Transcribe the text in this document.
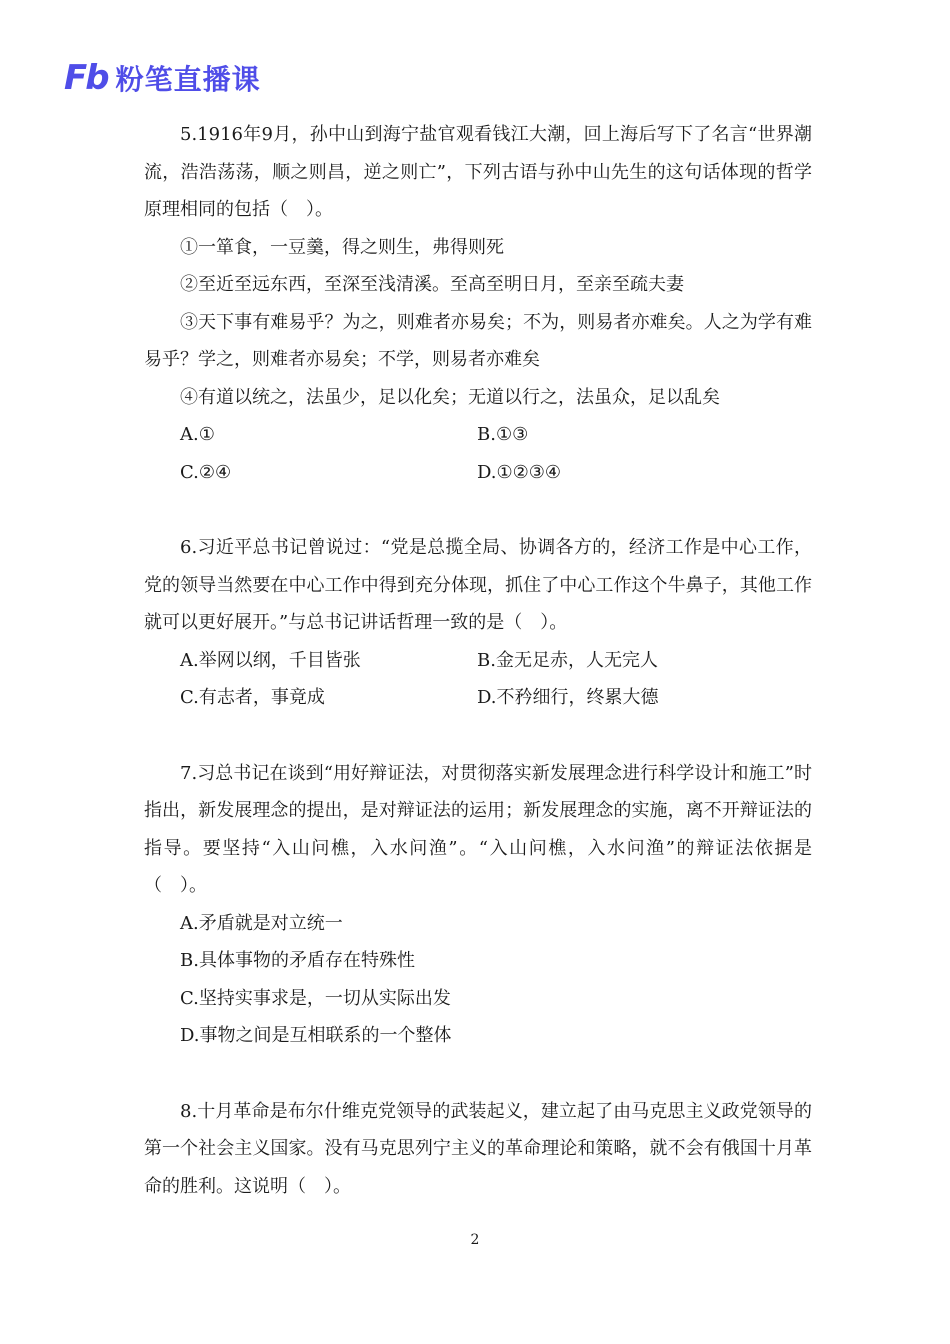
Fb 粉笔直播课

5.1916年9月，孙中山到海宁盐官观看钱江大潮，回上海后写下了名言“世界潮流，浩浩荡荡，顺之则昌，逆之则亡”，下列古语与孙中山先生的这句话体现的哲学原理相同的包括（　）。

①一箪食，一豆羹，得之则生，弗得则死

②至近至远东西，至深至浅清溪。至高至明日月，至亲至疏夫妻

③天下事有难易乎？为之，则难者亦易矣；不为，则易者亦难矣。人之为学有难易乎？学之，则难者亦易矣；不学，则易者亦难矣

④有道以统之，法虽少，足以化矣；无道以行之，法虽众，足以乱矣

A.①	B.①③
C.②④	D.①②③④

6.习近平总书记曾说过：“党是总揽全局、协调各方的，经济工作是中心工作，党的领导当然要在中心工作中得到充分体现，抓住了中心工作这个牛鼻子，其他工作就可以更好展开。”与总书记讲话哲理一致的是（　）。

A.举网以纲，千目皆张	B.金无足赤，人无完人
C.有志者，事竟成	D.不矜细行，终累大德

7.习总书记在谈到“用好辩证法，对贯彻落实新发展理念进行科学设计和施工”时指出，新发展理念的提出，是对辩证法的运用；新发展理念的实施，离不开辩证法的指导。要坚持“入山问樵，入水问渔”。“入山问樵，入水问渔”的辩证法依据是（　）。

A.矛盾就是对立统一

B.具体事物的矛盾存在特殊性

C.坚持实事求是，一切从实际出发

D.事物之间是互相联系的一个整体

8.十月革命是布尔什维克党领导的武装起义，建立起了由马克思主义政党领导的第一个社会主义国家。没有马克思列宁主义的革命理论和策略，就不会有俄国十月革命的胜利。这说明（　）。

2
